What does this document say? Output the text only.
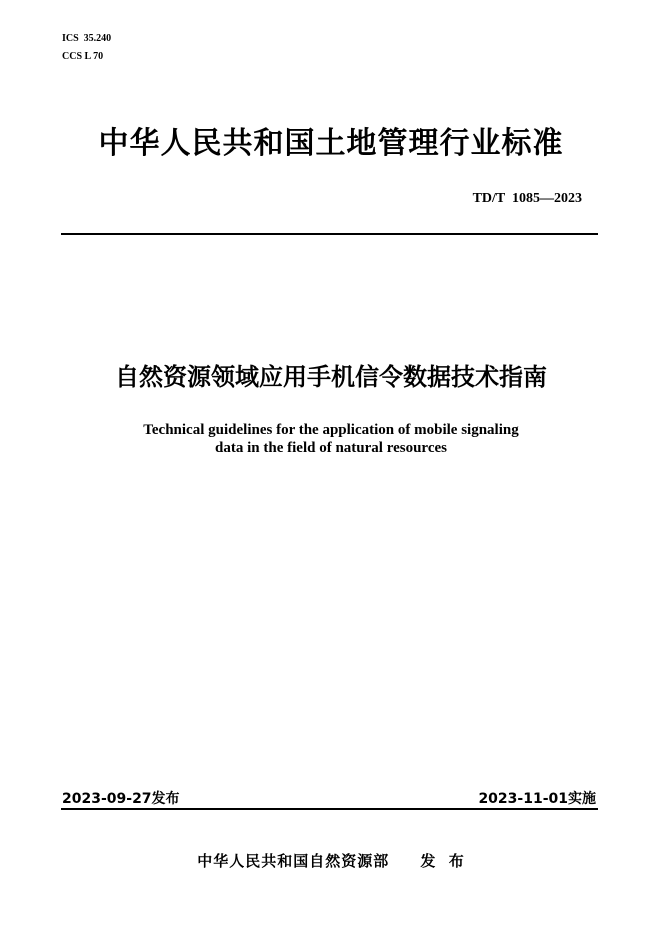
ICS  35.240
CCS L 70
中华人民共和国土地管理行业标准
TD/T  1085—2023
自然资源领域应用手机信令数据技术指南
Technical guidelines for the application of mobile signaling
data in the field of natural resources
2023-09-27发布	2023-11-01实施
中华人民共和国自然资源部     发  布
